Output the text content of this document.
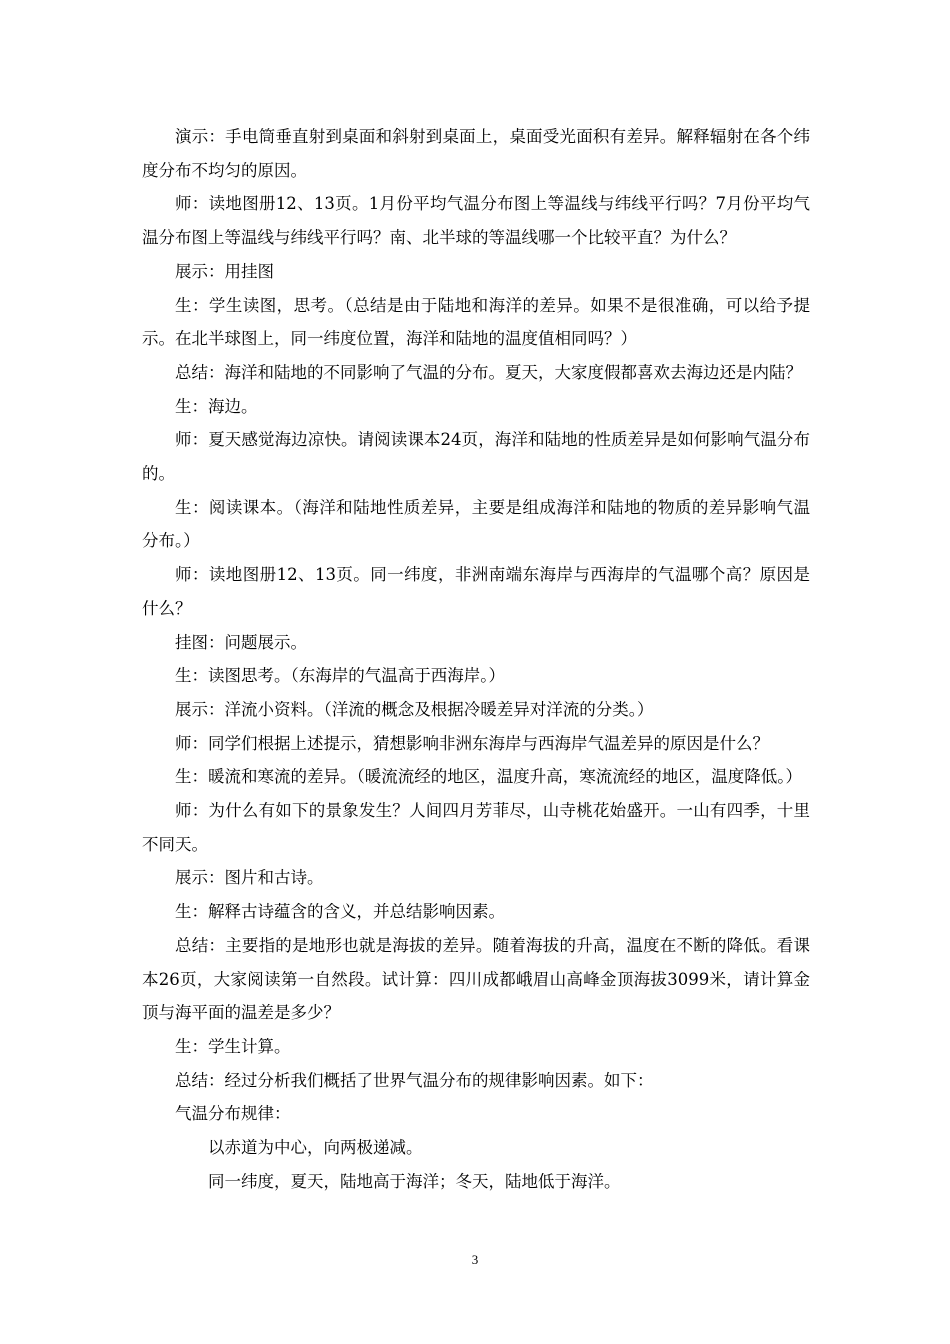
演示：手电筒垂直射到桌面和斜射到桌面上，桌面受光面积有差异。解释辐射在各个纬度分布不均匀的原因。

师：读地图册12、13页。1月份平均气温分布图上等温线与纬线平行吗？7月份平均气温分布图上等温线与纬线平行吗？南、北半球的等温线哪一个比较平直？为什么？

展示：用挂图

生：学生读图，思考。（总结是由于陆地和海洋的差异。如果不是很准确，可以给予提示。在北半球图上，同一纬度位置，海洋和陆地的温度值相同吗？）

总结：海洋和陆地的不同影响了气温的分布。夏天，大家度假都喜欢去海边还是内陆？

生：海边。

师：夏天感觉海边凉快。请阅读课本24页，海洋和陆地的性质差异是如何影响气温分布的。

生：阅读课本。（海洋和陆地性质差异，主要是组成海洋和陆地的物质的差异影响气温分布。）

师：读地图册12、13页。同一纬度，非洲南端东海岸与西海岸的气温哪个高？原因是什么？

挂图：问题展示。

生：读图思考。（东海岸的气温高于西海岸。）

展示：洋流小资料。（洋流的概念及根据冷暖差异对洋流的分类。）

师：同学们根据上述提示，猜想影响非洲东海岸与西海岸气温差异的原因是什么？

生：暖流和寒流的差异。（暖流流经的地区，温度升高，寒流流经的地区，温度降低。）

师：为什么有如下的景象发生？人间四月芳菲尽，山寺桃花始盛开。一山有四季，十里不同天。

展示：图片和古诗。

生：解释古诗蕴含的含义，并总结影响因素。

总结：主要指的是地形也就是海拔的差异。随着海拔的升高，温度在不断的降低。看课本26页，大家阅读第一自然段。试计算：四川成都峨眉山高峰金顶海拔3099米，请计算金顶与海平面的温差是多少？

生：学生计算。

总结：经过分析我们概括了世界气温分布的规律影响因素。如下：

气温分布规律：

以赤道为中心，向两极递减。

同一纬度，夏天，陆地高于海洋；冬天，陆地低于海洋。

3
